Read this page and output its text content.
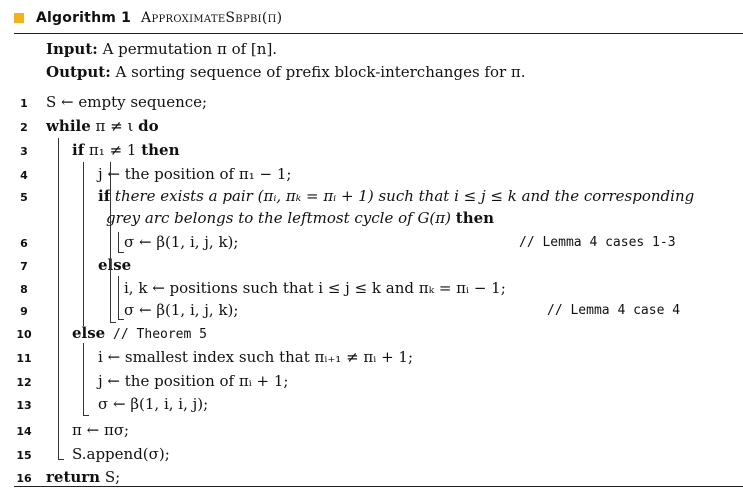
Algorithm 1 ApproximateSbpbi(π)
Input: A permutation π of [n].
Output: A sorting sequence of prefix block-interchanges for π.
1	S ← empty sequence;
2	while π ≠ ι do
3	if π₁ ≠ 1 then
4	j ← the position of π₁ − 1;
5	if there exists a pair (πᵢ, πₖ = πᵢ + 1) such that i ≤ j ≤ k and the corresponding
grey arc belongs to the leftmost cycle of G(π) then
6	σ ← β(1, i, j, k);	// Lemma 4 cases 1-3
7	else
8	i, k ← positions such that i ≤ j ≤ k and πₖ = πᵢ − 1;
9	σ ← β(1, i, j, k);	// Lemma 4 case 4
10	else // Theorem 5
11	i ← smallest index such that πᵢ₊₁ ≠ πᵢ + 1;
12	j ← the position of πᵢ + 1;
13	σ ← β(1, i, i, j);
14	π ← πσ;
15	S.append(σ);
16 return S;
